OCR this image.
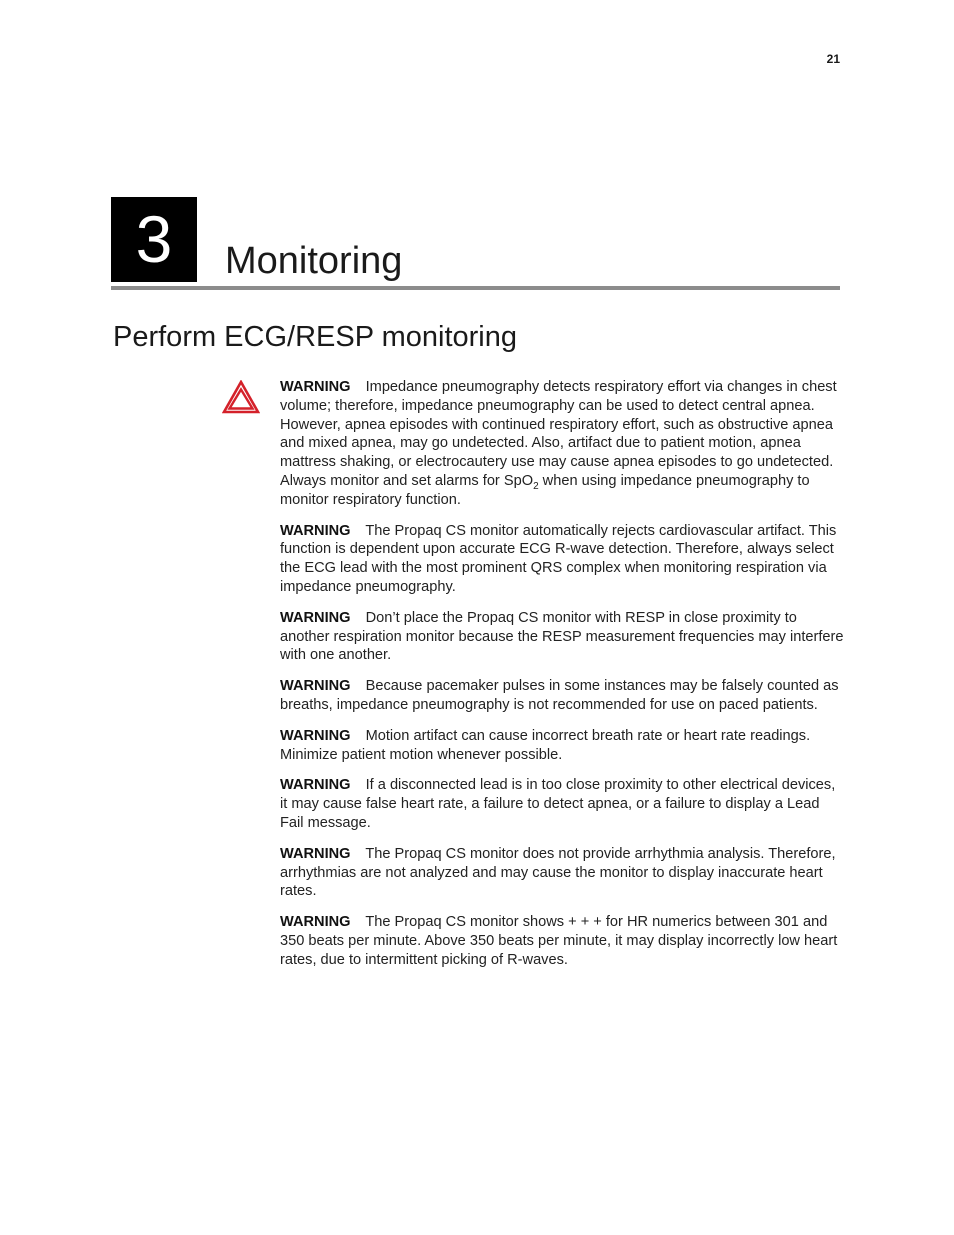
21
3	Monitoring
Perform ECG/RESP monitoring

WARNING Impedance pneumography detects respiratory effort via changes in chest volume; therefore, impedance pneumography can be used to detect central apnea. However, apnea episodes with continued respiratory effort, such as obstructive apnea and mixed apnea, may go undetected. Also, artifact due to patient motion, apnea mattress shaking, or electrocautery use may cause apnea episodes to go undetected. Always monitor and set alarms for SpO$_2$ when using impedance pneumography to monitor respiratory function.

WARNING The Propaq CS monitor automatically rejects cardiovascular artifact. This function is dependent upon accurate ECG R-wave detection. Therefore, always select the ECG lead with the most prominent QRS complex when monitoring respiration via impedance pneumography.

WARNING Don’t place the Propaq CS monitor with RESP in close proximity to another respiration monitor because the RESP measurement frequencies may interfere with one another.

WARNING Because pacemaker pulses in some instances may be falsely counted as breaths, impedance pneumography is not recommended for use on paced patients.

WARNING Motion artifact can cause incorrect breath rate or heart rate readings. Minimize patient motion whenever possible.

WARNING If a disconnected lead is in too close proximity to other electrical devices, it may cause false heart rate, a failure to detect apnea, or a failure to display a Lead Fail message.

WARNING The Propaq CS monitor does not provide arrhythmia analysis. Therefore, arrhythmias are not analyzed and may cause the monitor to display inaccurate heart rates.

WARNING The Propaq CS monitor shows + + + for HR numerics between 301 and 350 beats per minute. Above 350 beats per minute, it may display incorrectly low heart rates, due to intermittent picking of R-waves.
